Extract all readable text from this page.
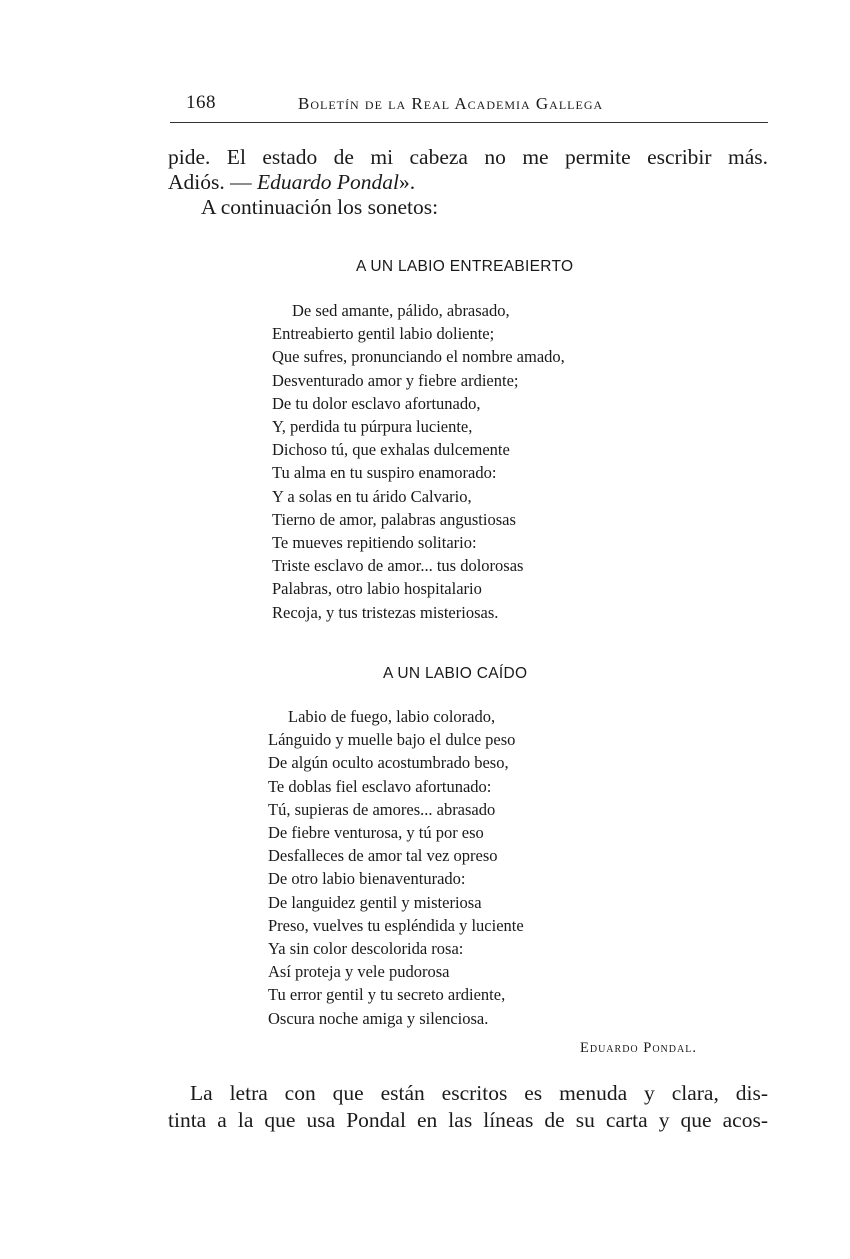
168	Boletín de la Real Academia Gallega
pide. El estado de mi cabeza no me permite escribir más.
Adiós. — Eduardo Pondal».
A continuación los sonetos:
A UN LABIO ENTREABIERTO
De sed amante, pálido, abrasado,
Entreabierto gentil labio doliente;
Que sufres, pronunciando el nombre amado,
Desventurado amor y fiebre ardiente;
De tu dolor esclavo afortunado,
Y, perdida tu púrpura luciente,
Dichoso tú, que exhalas dulcemente
Tu alma en tu suspiro enamorado:
Y a solas en tu árido Calvario,
Tierno de amor, palabras angustiosas
Te mueves repitiendo solitario:
Triste esclavo de amor... tus dolorosas
Palabras, otro labio hospitalario
Recoja, y tus tristezas misteriosas.
A UN LABIO CAÍDO
Labio de fuego, labio colorado,
Lánguido y muelle bajo el dulce peso
De algún oculto acostumbrado beso,
Te doblas fiel esclavo afortunado:
Tú, supieras de amores... abrasado
De fiebre venturosa, y tú por eso
Desfalleces de amor tal vez opreso
De otro labio bienaventurado:
De languidez gentil y misteriosa
Preso, vuelves tu espléndida y luciente
Ya sin color descolorida rosa:
Así proteja y vele pudorosa
Tu error gentil y tu secreto ardiente,
Oscura noche amiga y silenciosa.
Eduardo Pondal.
La letra con que están escritos es menuda y clara, dis-
tinta a la que usa Pondal en las líneas de su carta y que acos-
